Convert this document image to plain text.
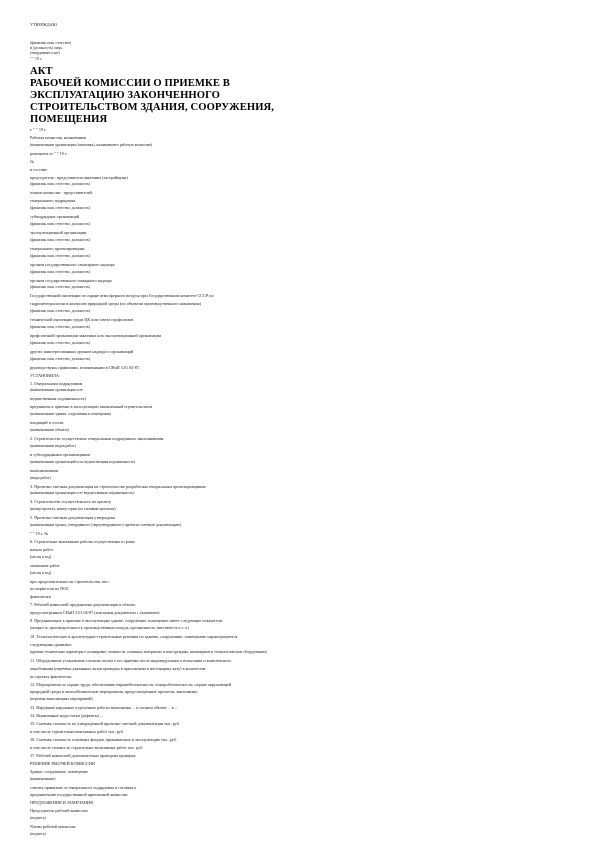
УТВЕРЖДАЮ
(фамилия, имя, отчество)
и (должность) лица,
утвердившего акт)
" " 19 г.
АКТ
РАБОЧЕЙ КОМИССИИ О ПРИЕМКЕ В
ЭКСПЛУАТАЦИЮ ЗАКОНЧЕННОГО
СТРОИТЕЛЬСТВОМ ЗДАНИЯ, СООРУЖЕНИЯ,
ПОМЕЩЕНИЯ
г. " " 19 г.
Рабочая комиссия, назначенная
(наименование организации (заказчика), назначившего рабочую комиссию)
решением от " " 19 г.
№
в составе:
председателя - представителя заказчика (застройщика)
(фамилия, имя, отчество, должность)
членов комиссии - представителей:
генерального подрядчика
(фамилия, имя, отчество, должность)
субподрядных организаций
(фамилия, имя, отчество, должность)
эксплуатационной организации
(фамилия, имя, отчество, должность)
генерального проектировщика
(фамилия, имя, отчество, должность)
органов государственного санитарного надзора
(фамилия, имя, отчество, должность)
органов государственного пожарного надзора
(фамилия, имя, отчество, должность)
Государственной инспекции по охране атмосферного воздуха при Государственном комитете СССР по
гидрометеорологии и контролю природной среды (по объектам производственного назначения)
(фамилия, имя, отчество, должность)
технической инспекции труда ЦК или совета профсоюзов
(фамилия, имя, отчество, должность)
профсоюзной организации заказчика или эксплуатационной организации
(фамилия, имя, отчество, должность)
других заинтересованных органов надзора и организаций
(фамилия, имя, отчество, должность)
руководствуясь правилами, изложенными в СНиП 3.01.04-87,
УСТАНОВИЛА:
1. Генеральным подрядчиком
(наименование организации и ее
ведомственная подчиненность)
предъявлен к приемке в эксплуатацию законченный строительством
(наименование здания, сооружения и помещения)
входящий в состав
(наименование объекта)
2. Строительство осуществлено генеральным подрядчиком, выполнившим
(наименование видов работ)
и субподрядными организациями
(наименование организаций и их ведомственная подчиненность)
выполнившими
(виды работ)
3. Проектно-сметная документация на строительство разработана генеральным проектировщиком
(наименование организации и ее ведомственная подчиненность)
4. Строительство осуществлялось по проекту
(номер проекта, номер серии (по типовым проектам)
5. Проектно-сметная документация утверждена
(наименование органа, утвердившего (переутвердившего) проектно-сметную документацию)
" " 19 г. №
6. Строительно-монтажные работы осуществлены в сроки:
начало работ
(месяц и год)
окончание работ
(месяц и год)
при продолжительности строительства, мес.:
по норме или по ПОС
фактически
7. Рабочей комиссией предъявлена документация в объеме,
предусмотренном СНиП 3.01.04-87 (или иным документом с указанием)
8. Предъявленное к приемке в эксплуатацию здание, сооружение, помещение имеет следующие показатели:
(мощность, производительность, производственная площадь, протяженность, вместимость и т. п.)
10. Технологические и архитектурно-строительные решения по зданию, сооружению, помещению характеризуются
следующими данными:
(краткие технические параметры о планировке, этажности, основных материалах и конструкциях, инженерном и технологическом оборудовании)
11. Оборудование установлено согласно актам о его приемке после индивидуального испытания и комплексного
опробования (перечень указанных актов приведен в приложении к настоящему акту) в количестве:
по проекту фактически
12. Мероприятия по охране труда, обеспечению взрывобезопасности, пожаробезопасности, охране окружающей
природной среды и антисейсмические мероприятия, предусмотренные проектом, выполнены:
(перечень выполненных мероприятий)
13. Наружные наружные отделочные работы выполнены ... в полном объеме ... в ...
14. Выявленные недостатки (дефекты) ...
15. Сметная стоимость по утвержденной проектно-сметной документации тыс. руб.
в том числе строительно-монтажных работ тыс. руб.
16. Сметная стоимость основных фондов, принимаемых в эксплуатацию тыс. руб.
в том числе стоимость строительно-монтажных работ тыс. руб.
17. Рабочей комиссией дополнительно проведена проверка:
РЕШЕНИЕ РАБОЧЕЙ КОМИССИИ
Здание, сооружение, помещение
(наименование)
считать принятым от генерального подрядчика и готовым к
предъявлению государственной приемочной комиссии
ПРЕДЛОЖЕНИЯ И ЗАМЕЧАНИЯ
Председатель рабочей комиссии
(подпись)
Члены рабочей комиссии:
(подпись)
